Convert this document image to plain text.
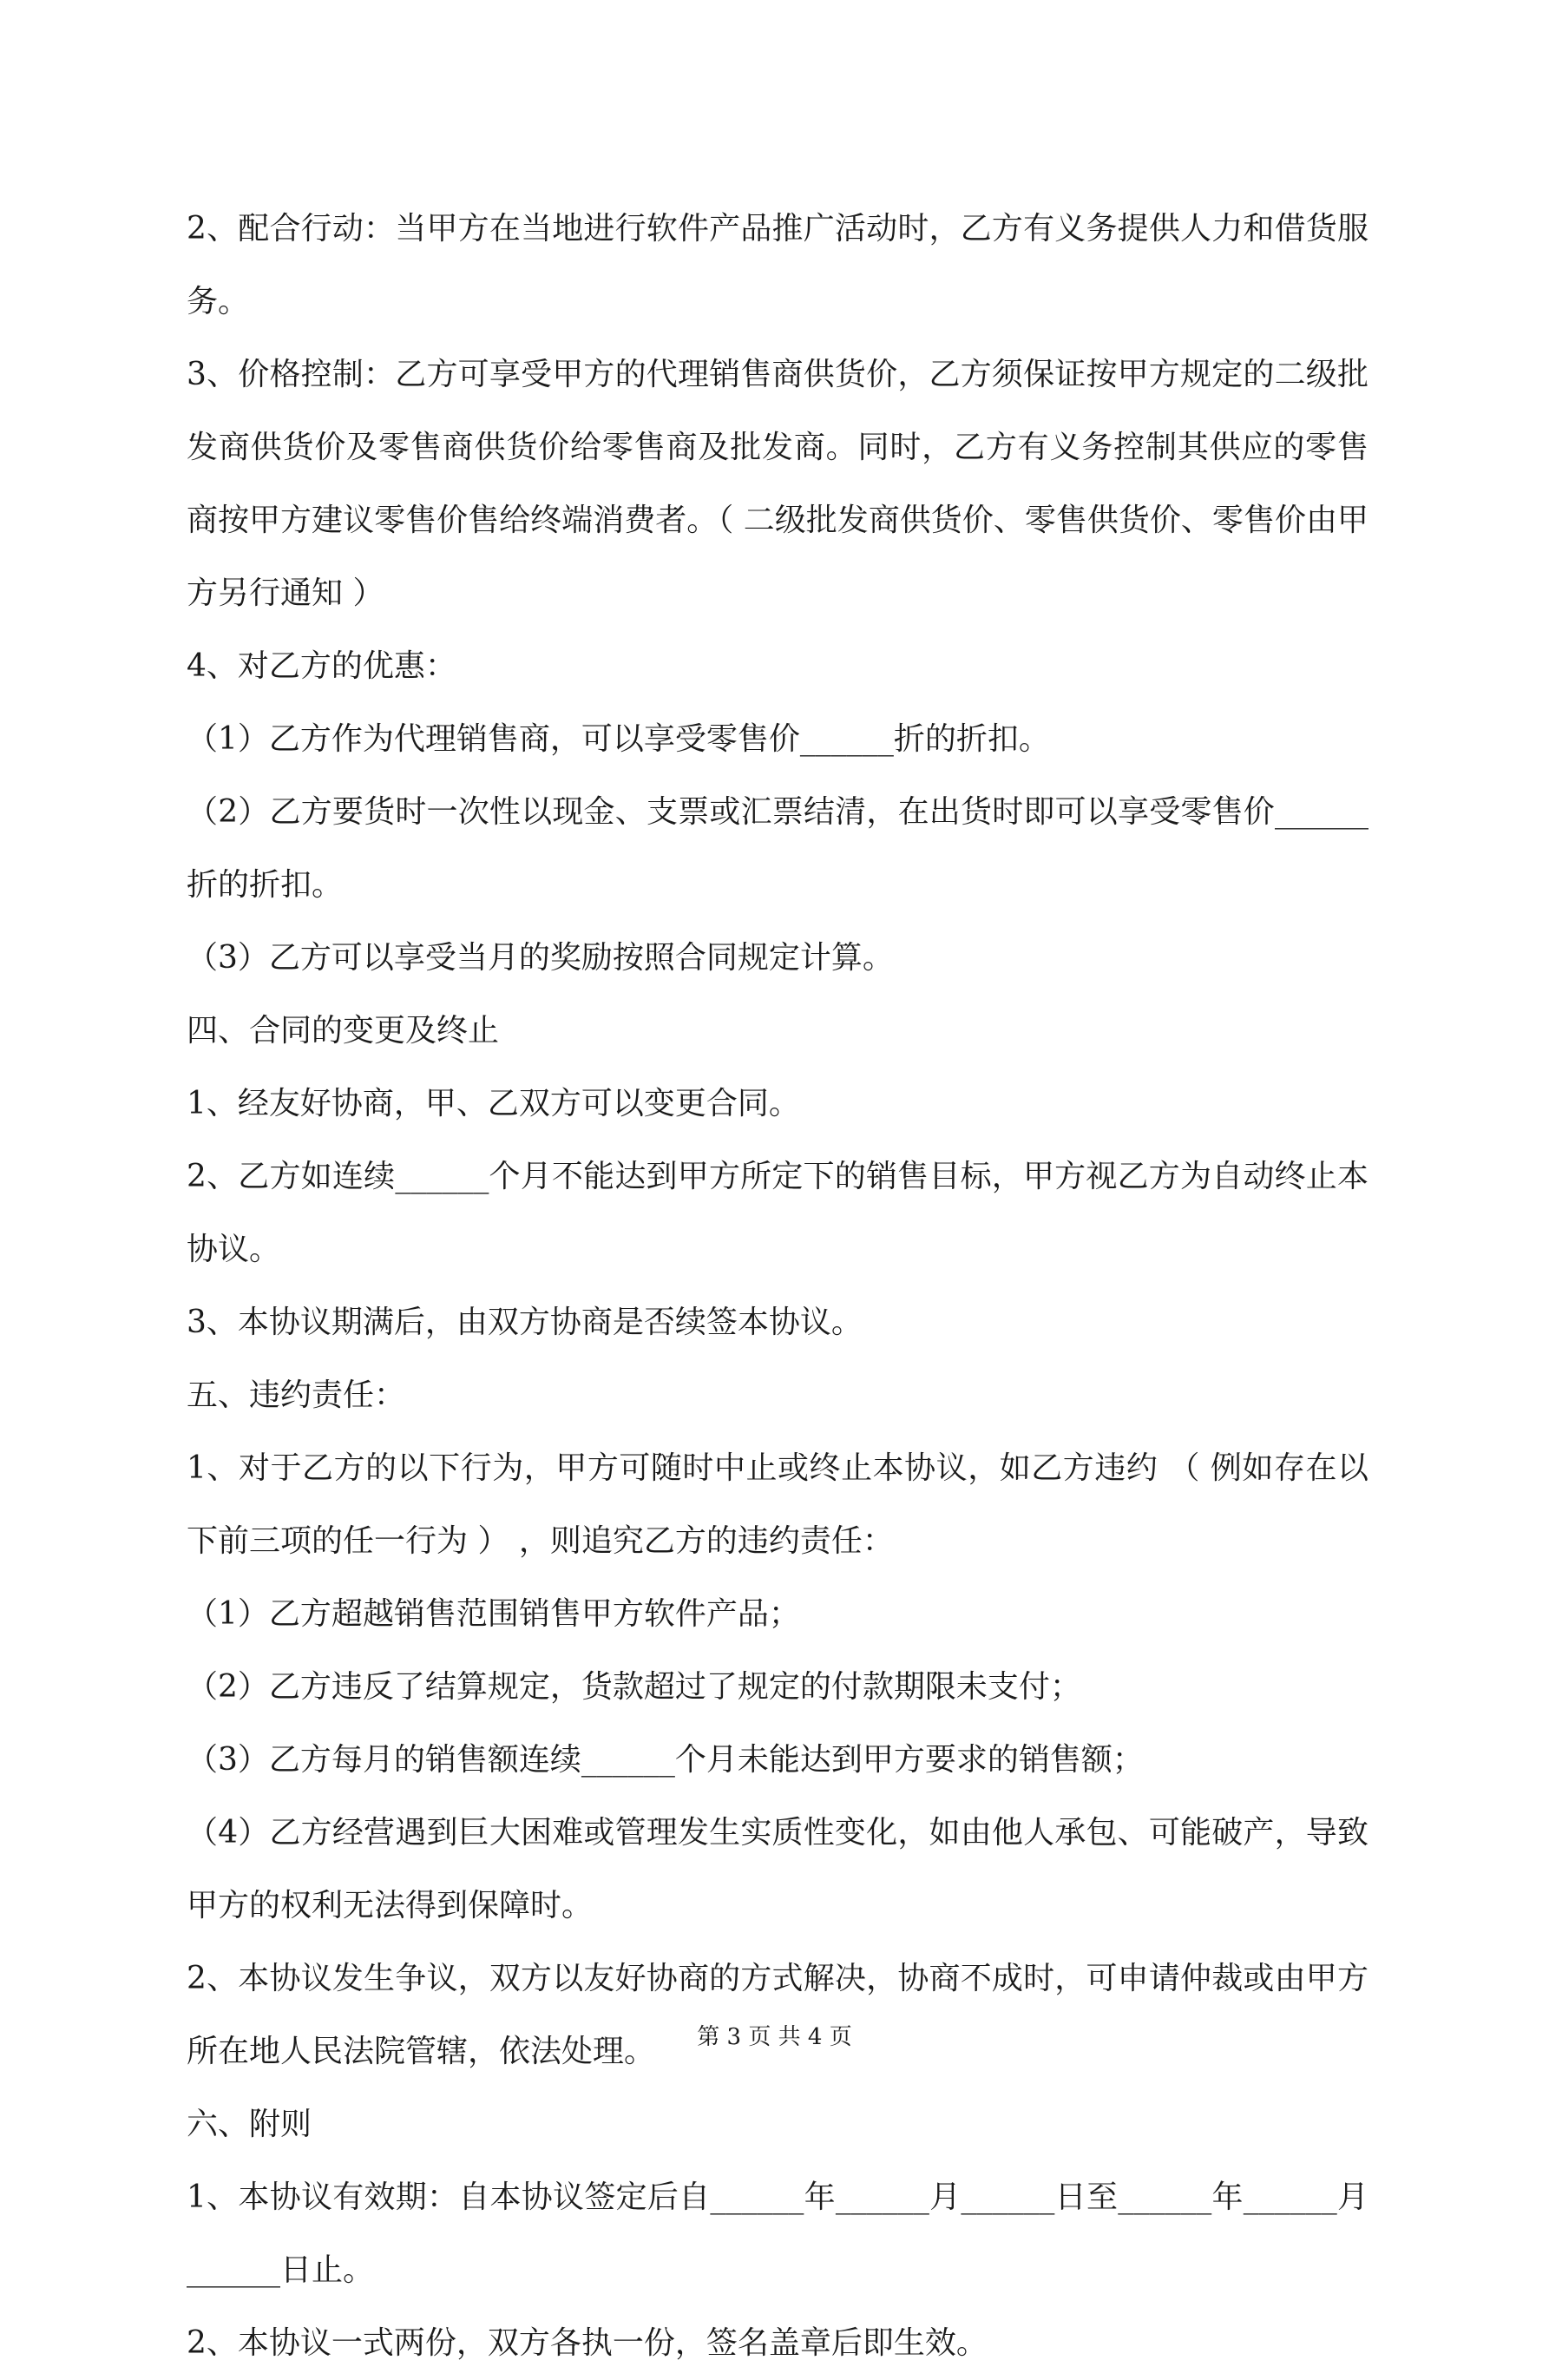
2、配合行动：当甲方在当地进行软件产品推广活动时，乙方有义务提供人力和借货服务。

3、价格控制：乙方可享受甲方的代理销售商供货价，乙方须保证按甲方规定的二级批发商供货价及零售商供货价给零售商及批发商。同时，乙方有义务控制其供应的零售商按甲方建议零售价售给终端消费者。（ 二级批发商供货价、零售供货价、零售价由甲方另行通知 ）

4、对乙方的优惠：

（1）乙方作为代理销售商，可以享受零售价______折的折扣。

（2）乙方要货时一次性以现金、支票或汇票结清，在出货时即可以享受零售价______折的折扣。

（3）乙方可以享受当月的奖励按照合同规定计算。

四、合同的变更及终止

1、经友好协商，甲、乙双方可以变更合同。

2、乙方如连续______个月不能达到甲方所定下的销售目标，甲方视乙方为自动终止本协议。

3、本协议期满后，由双方协商是否续签本协议。

五、违约责任：

1、对于乙方的以下行为，甲方可随时中止或终止本协议，如乙方违约 （ 例如存在以下前三项的任一行为 ） ，则追究乙方的违约责任：

（1）乙方超越销售范围销售甲方软件产品；

（2）乙方违反了结算规定，货款超过了规定的付款期限未支付；

（3）乙方每月的销售额连续______个月未能达到甲方要求的销售额；

（4）乙方经营遇到巨大困难或管理发生实质性变化，如由他人承包、可能破产，导致甲方的权利无法得到保障时。

2、本协议发生争议，双方以友好协商的方式解决，协商不成时，可申请仲裁或由甲方所在地人民法院管辖，依法处理。

六、附则

1、本协议有效期：自本协议签定后自______年______月______日至______年______月______日止。

2、本协议一式两份，双方各执一份，签名盖章后即生效。

第 3 页 共 4 页
